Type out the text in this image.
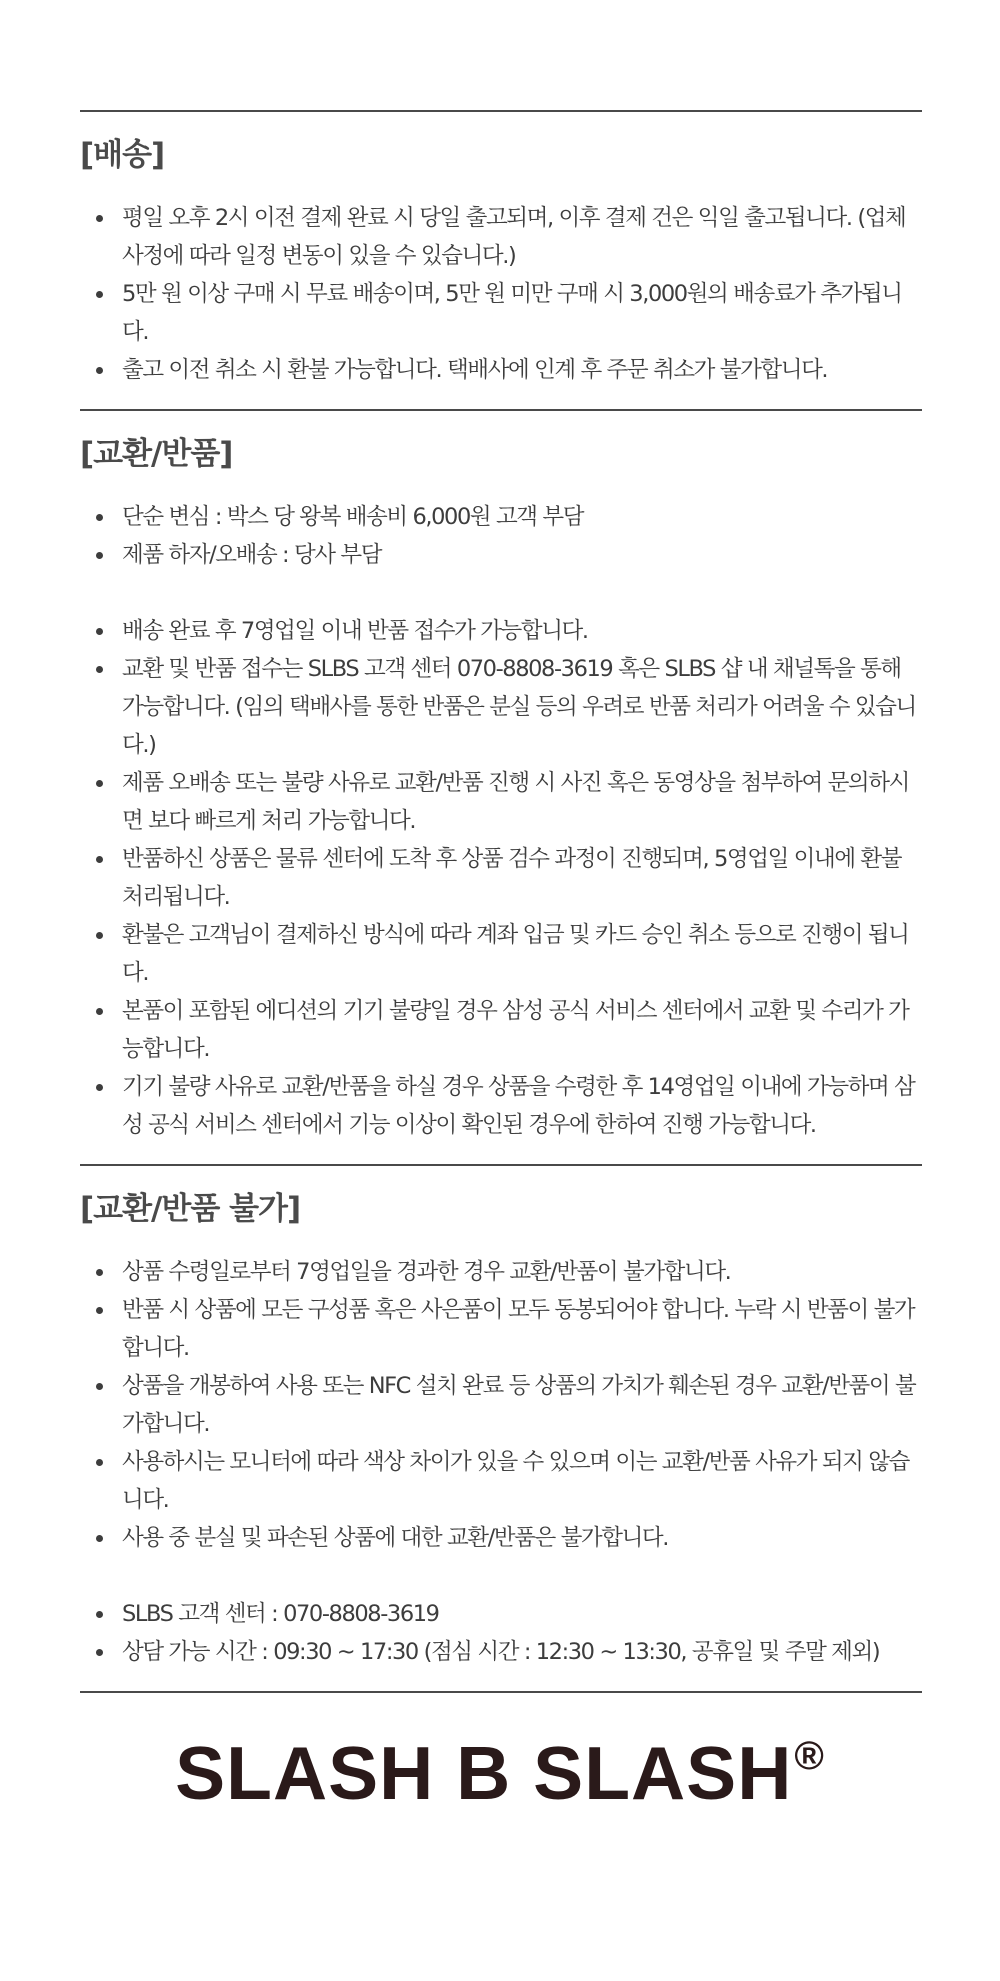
[배송]
평일 오후 2시 이전 결제 완료 시 당일 출고되며, 이후 결제 건은 익일 출고됩니다. (업체 사정에 따라 일정 변동이 있을 수 있습니다.)
5만 원 이상 구매 시 무료 배송이며, 5만 원 미만 구매 시 3,000원의 배송료가 추가됩니다.
출고 이전 취소 시 환불 가능합니다. 택배사에 인계 후 주문 취소가 불가합니다.
[교환/반품]
단순 변심 : 박스 당 왕복 배송비 6,000원 고객 부담
제품 하자/오배송 : 당사 부담
배송 완료 후 7영업일 이내 반품 접수가 가능합니다.
교환 및 반품 접수는 SLBS 고객 센터 070-8808-3619 혹은 SLBS 샵 내 채널톡을 통해 가능합니다. (임의 택배사를 통한 반품은 분실 등의 우려로 반품 처리가 어려울 수 있습니다.)
제품 오배송 또는 불량 사유로 교환/반품 진행 시 사진 혹은 동영상을 첨부하여 문의하시면 보다 빠르게 처리 가능합니다.
반품하신 상품은 물류 센터에 도착 후 상품 검수 과정이 진행되며, 5영업일 이내에 환불 처리됩니다.
환불은 고객님이 결제하신 방식에 따라 계좌 입금 및 카드 승인 취소 등으로 진행이 됩니다.
본품이 포함된 에디션의 기기 불량일 경우 삼성 공식 서비스 센터에서 교환 및 수리가 가능합니다.
기기 불량 사유로 교환/반품을 하실 경우 상품을 수령한 후 14영업일 이내에 가능하며 삼성 공식 서비스 센터에서 기능 이상이 확인된 경우에 한하여 진행 가능합니다.
[교환/반품 불가]
상품 수령일로부터 7영업일을 경과한 경우 교환/반품이 불가합니다.
반품 시 상품에 모든 구성품 혹은 사은품이 모두 동봉되어야 합니다. 누락 시 반품이 불가합니다.
상품을 개봉하여 사용 또는 NFC 설치 완료 등 상품의 가치가 훼손된 경우 교환/반품이 불가합니다.
사용하시는 모니터에 따라 색상 차이가 있을 수 있으며 이는 교환/반품 사유가 되지 않습니다.
사용 중 분실 및 파손된 상품에 대한 교환/반품은 불가합니다.
SLBS 고객 센터 : 070-8808-3619
상담 가능 시간 : 09:30 ~ 17:30 (점심 시간 : 12:30 ~ 13:30, 공휴일 및 주말 제외)
SLASH B SLASH®
